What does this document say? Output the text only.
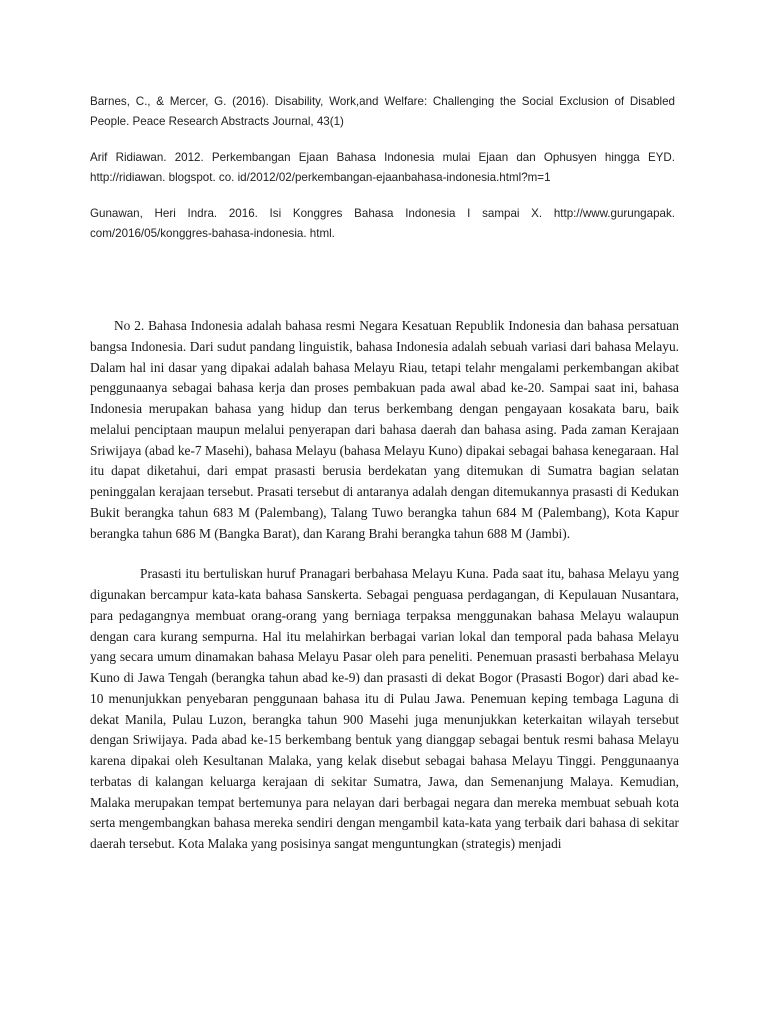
Barnes, C., & Mercer, G. (2016). Disability, Work,and Welfare: Challenging the Social Exclusion of Disabled People. Peace Research Abstracts Journal, 43(1)

Arif Ridiawan. 2012. Perkembangan Ejaan Bahasa Indonesia mulai Ejaan dan Ophusyen hingga EYD. http://ridiawan. blogspot. co. id/2012/02/perkembangan-ejaanbahasa-indonesia.html?m=1

Gunawan, Heri Indra. 2016. Isi Konggres Bahasa Indonesia I sampai X. http://www.gurungapak. com/2016/05/konggres-bahasa-indonesia. html.

No 2. Bahasa Indonesia adalah bahasa resmi Negara Kesatuan Republik Indonesia dan bahasa persatuan bangsa Indonesia. Dari sudut pandang linguistik, bahasa Indonesia adalah sebuah variasi dari bahasa Melayu. Dalam hal ini dasar yang dipakai adalah bahasa Melayu Riau, tetapi telahr mengalami perkembangan akibat penggunaanya sebagai bahasa kerja dan proses pembakuan pada awal abad ke-20. Sampai saat ini, bahasa Indonesia merupakan bahasa yang hidup dan terus berkembang dengan pengayaan kosakata baru, baik melalui penciptaan maupun melalui penyerapan dari bahasa daerah dan bahasa asing. Pada zaman Kerajaan Sriwijaya (abad ke-7 Masehi), bahasa Melayu (bahasa Melayu Kuno) dipakai sebagai bahasa kenegaraan. Hal itu dapat diketahui, dari empat prasasti berusia berdekatan yang ditemukan di Sumatra bagian selatan peninggalan kerajaan tersebut. Prasati tersebut di antaranya adalah dengan ditemukannya prasasti di Kedukan Bukit berangka tahun 683 M (Palembang), Talang Tuwo berangka tahun 684 M (Palembang), Kota Kapur berangka tahun 686 M (Bangka Barat), dan Karang Brahi berangka tahun 688 M (Jambi).

Prasasti itu bertuliskan huruf Pranagari berbahasa Melayu Kuna. Pada saat itu, bahasa Melayu yang digunakan bercampur kata-kata bahasa Sanskerta. Sebagai penguasa perdagangan, di Kepulauan Nusantara, para pedagangnya membuat orang-orang yang berniaga terpaksa menggunakan bahasa Melayu walaupun dengan cara kurang sempurna. Hal itu melahirkan berbagai varian lokal dan temporal pada bahasa Melayu yang secara umum dinamakan bahasa Melayu Pasar oleh para peneliti. Penemuan prasasti berbahasa Melayu Kuno di Jawa Tengah (berangka tahun abad ke-9) dan prasasti di dekat Bogor (Prasasti Bogor) dari abad ke-10 menunjukkan penyebaran penggunaan bahasa itu di Pulau Jawa. Penemuan keping tembaga Laguna di dekat Manila, Pulau Luzon, berangka tahun 900 Masehi juga menunjukkan keterkaitan wilayah tersebut dengan Sriwijaya. Pada abad ke-15 berkembang bentuk yang dianggap sebagai bentuk resmi bahasa Melayu karena dipakai oleh Kesultanan Malaka, yang kelak disebut sebagai bahasa Melayu Tinggi. Penggunaanya terbatas di kalangan keluarga kerajaan di sekitar Sumatra, Jawa, dan Semenanjung Malaya. Kemudian, Malaka merupakan tempat bertemunya para nelayan dari berbagai negara dan mereka membuat sebuah kota serta mengembangkan bahasa mereka sendiri dengan mengambil kata-kata yang terbaik dari bahasa di sekitar daerah tersebut. Kota Malaka yang posisinya sangat menguntungkan (strategis) menjadi
